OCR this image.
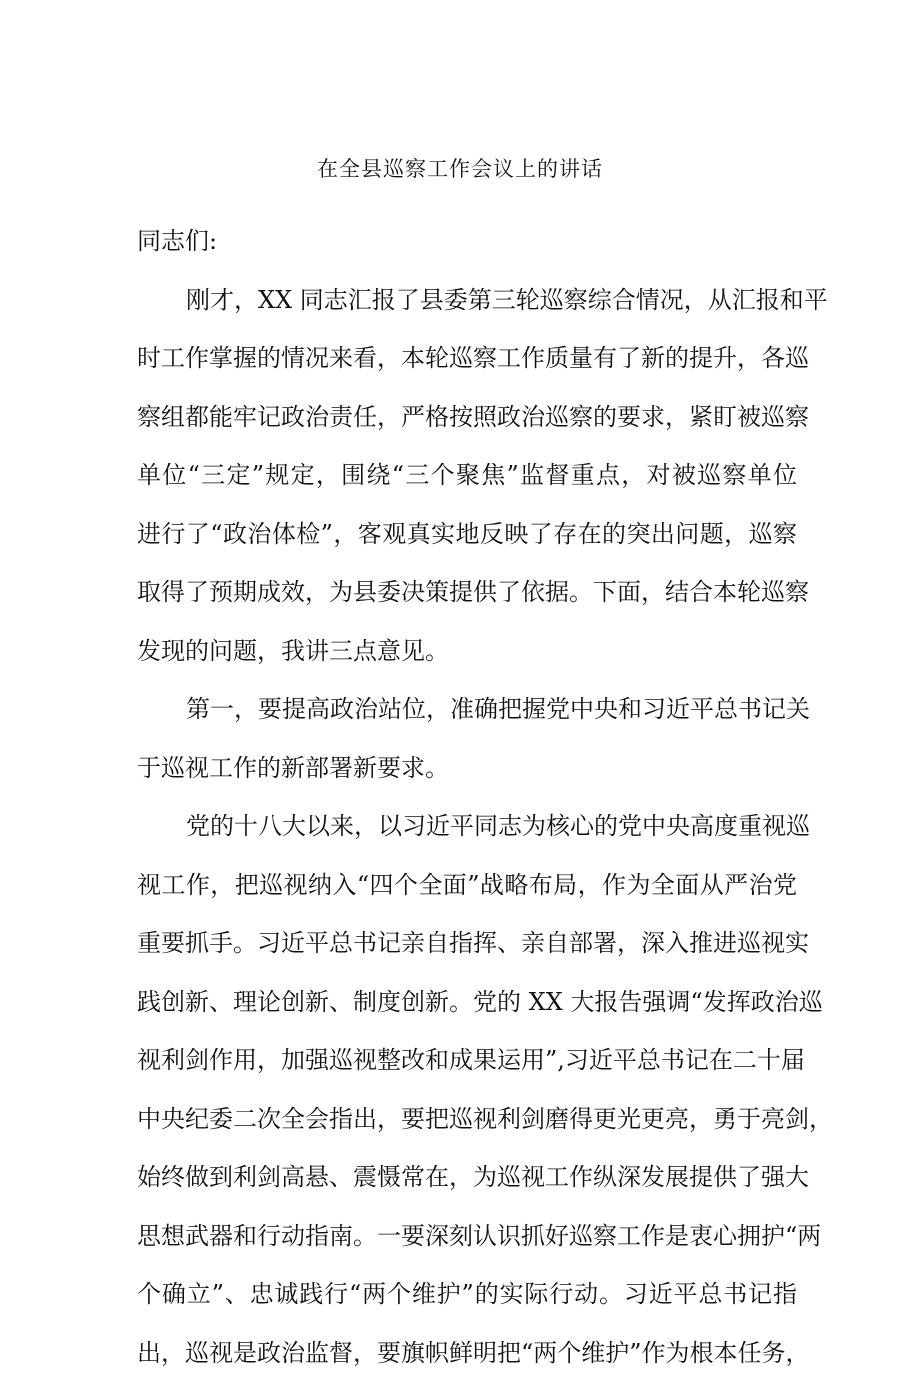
在全县巡察工作会议上的讲话
同志们:
刚才，XX 同志汇报了县委第三轮巡察综合情况，从汇报和平
时工作掌握的情况来看，本轮巡察工作质量有了新的提升，各巡
察组都能牢记政治责任，严格按照政治巡察的要求，紧盯被巡察
单位“三定”规定，围绕“三个聚焦”监督重点，对被巡察单位
进行了“政治体检”，客观真实地反映了存在的突出问题，巡察
取得了预期成效，为县委决策提供了依据。下面，结合本轮巡察
发现的问题，我讲三点意见。
第一，要提高政治站位，准确把握党中央和习近平总书记关
于巡视工作的新部署新要求。
党的十八大以来，以习近平同志为核心的党中央高度重视巡
视工作，把巡视纳入“四个全面”战略布局，作为全面从严治党
重要抓手。习近平总书记亲自指挥、亲自部署，深入推进巡视实
践创新、理论创新、制度创新。党的 XX 大报告强调“发挥政治巡
视利剑作用，加强巡视整改和成果运用”,习近平总书记在二十届
中央纪委二次全会指出，要把巡视利剑磨得更光更亮，勇于亮剑，
始终做到利剑高悬、震慑常在，为巡视工作纵深发展提供了强大
思想武器和行动指南。一要深刻认识抓好巡察工作是衷心拥护“两
个确立”、忠诚践行“两个维护”的实际行动。习近平总书记指
出，巡视是政治监督，要旗帜鲜明把“两个维护”作为根本任务，
